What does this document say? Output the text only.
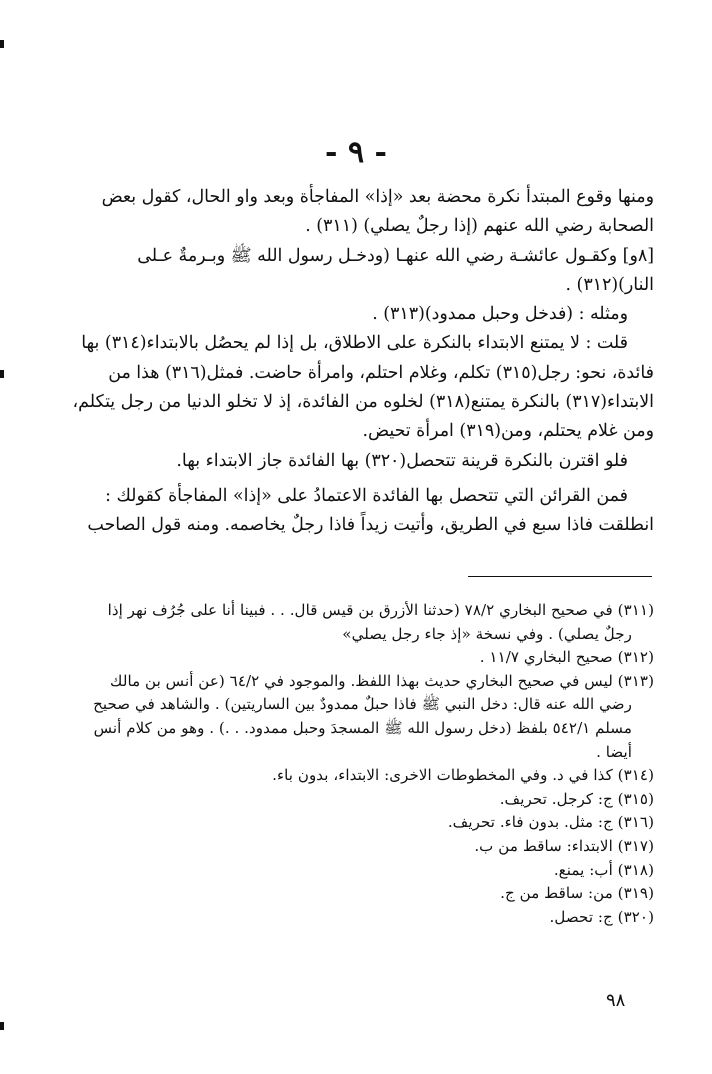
- ٩ -

ومنها وقوع المبتدأ نكرة محضة بعد «إذا» المفاجأة وبعد واو الحال، كقول بعض

الصحابة رضي الله عنهم (إذا رجلٌ يصلي) (٣١١) .

[٨و] وكقـول عائشـة رضي الله عنهـا (ودخـل رسول الله ﷺ وبـرمةٌ عـلى

النار)(٣١٢) .

ومثله : (فدخل وحبل ممدود)(٣١٣) .

قلت : لا يمتنع الابتداء بالنكرة على الاطلاق، بل إذا لم يحصُل بالابتداء(٣١٤) بها

فائدة، نحو: رجل(٣١٥) تكلم، وغلام احتلم، وامرأة حاضت. فمثل(٣١٦) هذا من

الابتداء(٣١٧) بالنكرة يمتنع(٣١٨) لخلوه من الفائدة، إذ لا تخلو الدنيا من رجل يتكلم،

ومن غلام يحتلم، ومن(٣١٩) امرأة تحيض.

فلو اقترن بالنكرة قرينة تتحصل(٣٢٠) بها الفائدة جاز الابتداء بها.

فمن القرائن التي تتحصل بها الفائدة الاعتمادُ على «إذا» المفاجأة كقولك :

انطلقت فاذا سبع في الطريق، وأتيت زيداً فاذا رجلٌ يخاصمه. ومنه قول الصاحب

(٣١١) في صحيح البخاري ٧٨/٢ (حدثنا الأزرق بن قيس قال. . . فبينا أنا على جُرُف نهر إذا
رجلٌ يصلي) . وفي نسخة «إذ جاء رجل يصلي»
(٣١٢) صحيح البخاري ١١/٧ .
(٣١٣) ليس في صحيح البخاري حديث بهذا اللفظ. والموجود في ٦٤/٢ (عن أنس بن مالك
رضي الله عنه قال: دخل النبي ﷺ فاذا حبلٌ ممدودٌ بين الساريتين) . والشاهد في صحيح
مسلم ٥٤٢/١ بلفظ (دخل رسول الله ﷺ المسجدَ وحبل ممدود. . .) . وهو من كلام أنس
أيضا .
(٣١٤) كذا في د. وفي المخطوطات الاخرى: الابتداء، بدون باء.
(٣١٥) ج: كرجل. تحريف.
(٣١٦) ج: مثل. بدون فاء. تحريف.
(٣١٧) الابتداء: ساقط من ب.
(٣١٨) أب: يمنع.
(٣١٩) من: ساقط من ج.
(٣٢٠) ج: تحصل.
٩٨
